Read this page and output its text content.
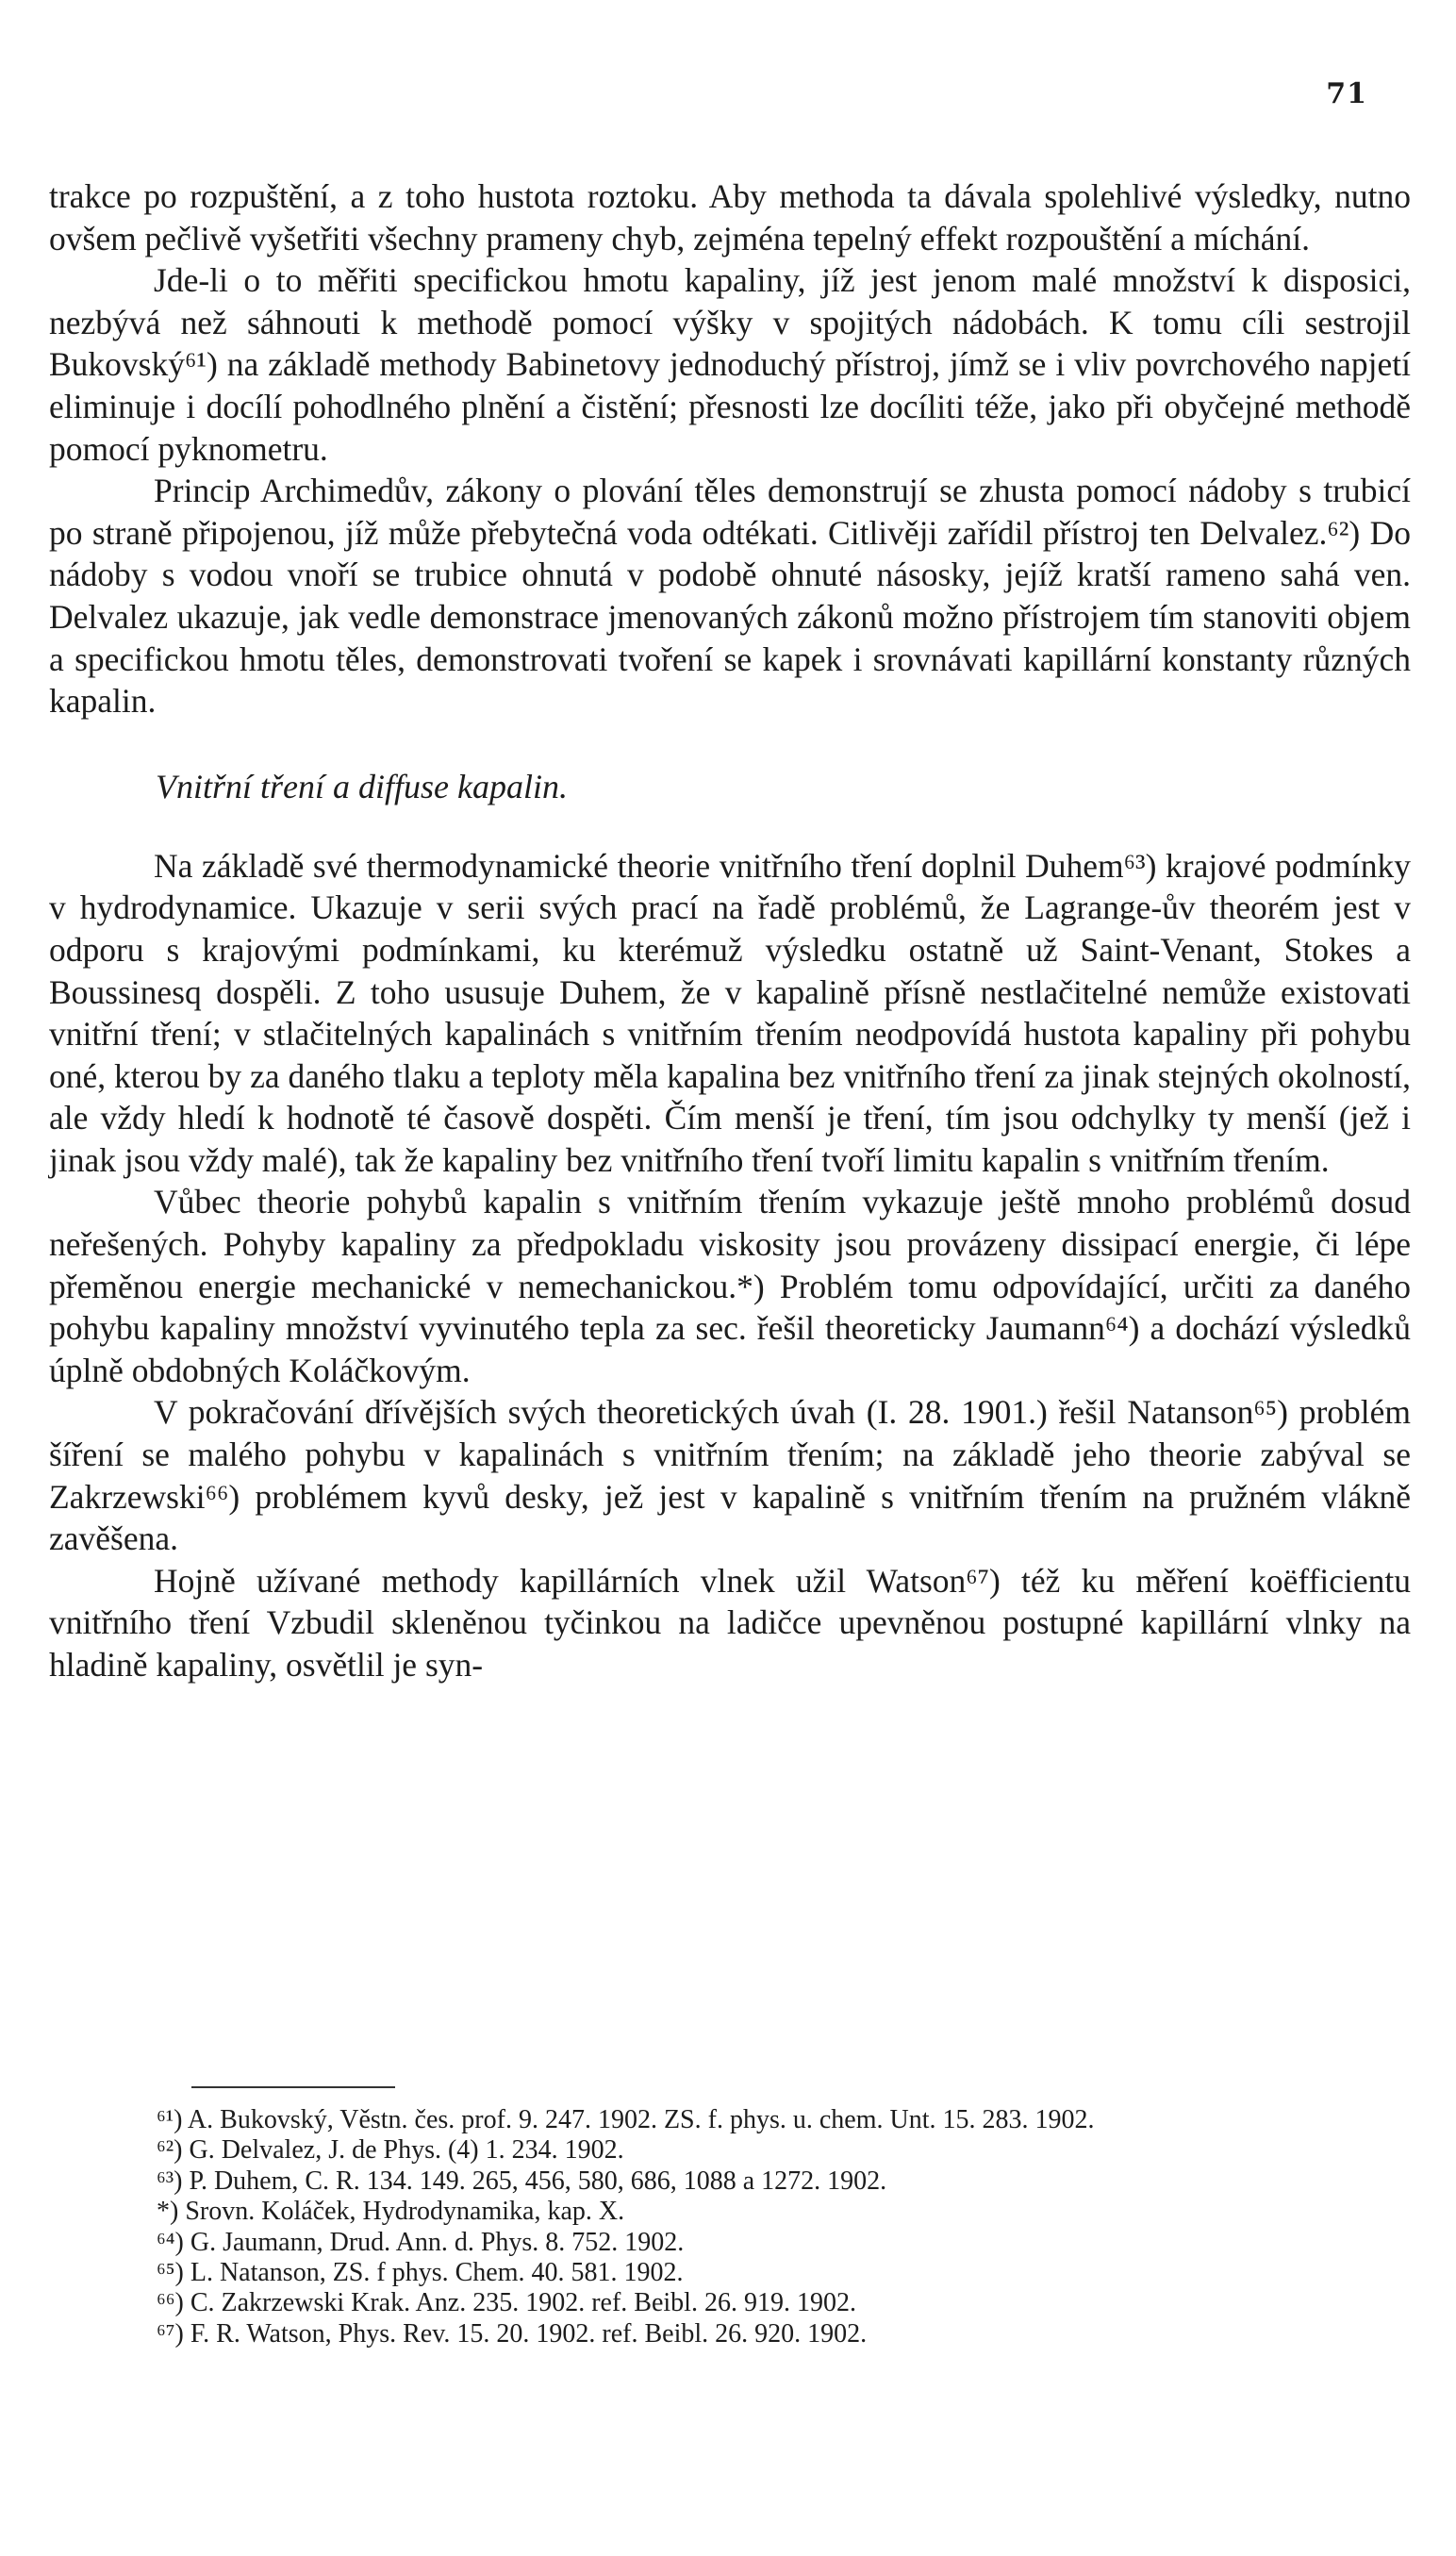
71

trakce po rozpuštění, a z toho hustota roztoku. Aby methoda ta dávala spolehlivé výsledky, nutno ovšem pečlivě vyšetřiti všechny prameny chyb, zejména tepelný effekt rozpouštění a míchání.

Jde-li o to měřiti specifickou hmotu kapaliny, jíž jest jenom malé množství k disposici, nezbývá než sáhnouti k methodě pomocí výšky v spojitých nádobách. K tomu cíli sestrojil Bukovský⁶¹) na základě methody Babinetovy jednoduchý přístroj, jímž se i vliv povrchového napjetí eliminuje i docílí pohodlného plnění a čistění; přesnosti lze docíliti téže, jako při obyčejné methodě pomocí pyknometru.

Princip Archimedův, zákony o plování těles demonstrují se zhusta pomocí nádoby s trubicí po straně připojenou, jíž může přebytečná voda odtékati. Citlivěji zařídil přístroj ten Delvalez.⁶²) Do nádoby s vodou vnoří se trubice ohnutá v podobě ohnuté násosky, jejíž kratší rameno sahá ven. Delvalez ukazuje, jak vedle demonstrace jmenovaných zákonů možno přístrojem tím stanoviti objem a specifickou hmotu těles, demonstrovati tvoření se kapek i srovnávati kapillární konstanty různých kapalin.

Vnitřní tření a diffuse kapalin.

Na základě své thermodynamické theorie vnitřního tření doplnil Duhem⁶³) krajové podmínky v hydrodynamice. Ukazuje v serii svých prací na řadě problémů, že Lagrange-ův theorém jest v odporu s krajovými podmínkami, ku kterémuž výsledku ostatně už Saint-Venant, Stokes a Boussinesq dospěli. Z toho ususuje Duhem, že v kapalině přísně nestlačitelné nemůže existovati vnitřní tření; v stlačitelných kapalinách s vnitřním třením neodpovídá hustota kapaliny při pohybu oné, kterou by za daného tlaku a teploty měla kapalina bez vnitřního tření za jinak stejných okolností, ale vždy hledí k hodnotě té časově dospěti. Čím menší je tření, tím jsou odchylky ty menší (jež i jinak jsou vždy malé), tak že kapaliny bez vnitřního tření tvoří limitu kapalin s vnitřním třením.

Vůbec theorie pohybů kapalin s vnitřním třením vykazuje ještě mnoho problémů dosud neřešených. Pohyby kapaliny za předpokladu viskosity jsou provázeny dissipací energie, či lépe přeměnou energie mechanické v nemechanickou.*) Problém tomu odpovídající, určiti za daného pohybu kapaliny množství vyvinutého tepla za sec. řešil theoreticky Jaumann⁶⁴) a dochází výsledků úplně obdobných Koláčkovým.

V pokračování dřívějších svých theoretických úvah (I. 28. 1901.) řešil Natanson⁶⁵) problém šíření se malého pohybu v kapalinách s vnitřním třením; na základě jeho theorie zabýval se Zakrzewski⁶⁶) problémem kyvů desky, jež jest v kapalině s vnitřním třením na pružném vlákně zavěšena.

Hojně užívané methody kapillárních vlnek užil Watson⁶⁷) též ku měření koëfficientu vnitřního tření Vzbudil skleněnou tyčinkou na ladičce upevněnou postupné kapillární vlnky na hladině kapaliny, osvětlil je syn-

⁶¹) A. Bukovský, Věstn. čes. prof. 9. 247. 1902. ZS. f. phys. u. chem. Unt. 15. 283. 1902.
⁶²) G. Delvalez, J. de Phys. (4) 1. 234. 1902.
⁶³) P. Duhem, C. R. 134. 149. 265, 456, 580, 686, 1088 a 1272. 1902.
*) Srovn. Koláček, Hydrodynamika, kap. X.
⁶⁴) G. Jaumann, Drud. Ann. d. Phys. 8. 752. 1902.
⁶⁵) L. Natanson, ZS. f phys. Chem. 40. 581. 1902.
⁶⁶) C. Zakrzewski Krak. Anz. 235. 1902. ref. Beibl. 26. 919. 1902.
⁶⁷) F. R. Watson, Phys. Rev. 15. 20. 1902. ref. Beibl. 26. 920. 1902.
